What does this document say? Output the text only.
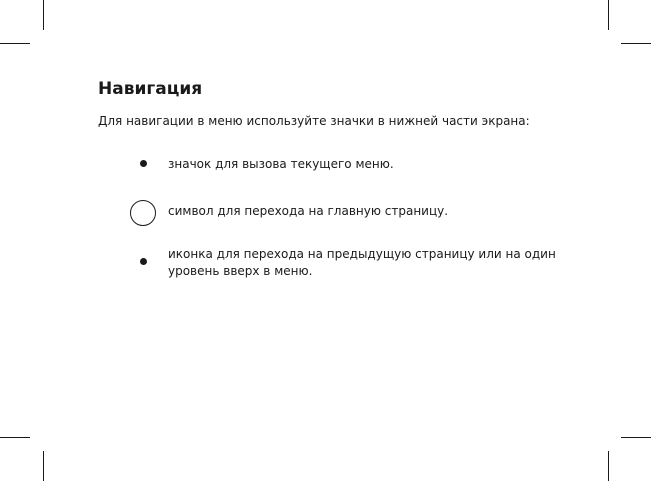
Навигация
Для навигации в меню используйте значки в нижней части экрана:
значок для вызова текущего меню.
символ для перехода на главную страницу.
иконка для перехода на предыдущую страницу или на один уровень вверх в меню.
